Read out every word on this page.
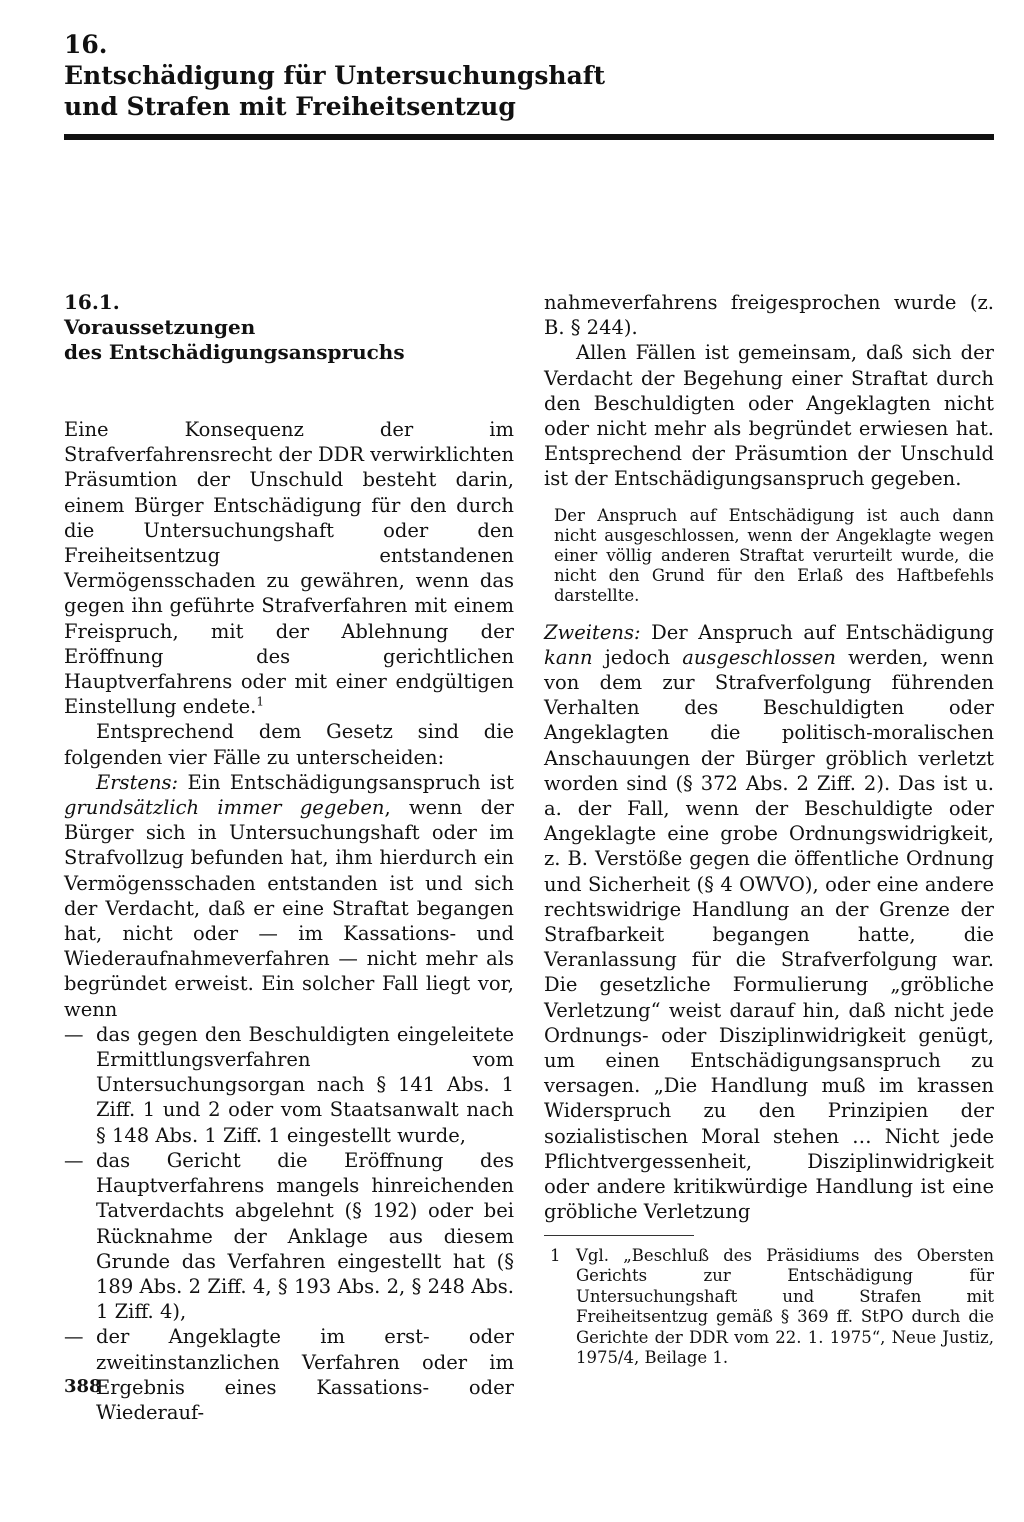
16.

Entschädigung für Untersuchungshaft

und Strafen mit Freiheitsentzug

16.1.
Voraussetzungen
des Entschädigungsanspruchs

Eine Konsequenz der im Strafverfahrensrecht der DDR verwirklichten Präsumtion der Unschuld besteht darin, einem Bürger Entschädigung für den durch die Untersuchungshaft oder den Freiheitsentzug entstandenen Vermögensschaden zu gewähren, wenn das gegen ihn geführte Strafverfahren mit einem Freispruch, mit der Ablehnung der Eröffnung des gerichtlichen Hauptverfahrens oder mit einer endgültigen Einstellung endete.$^1$

Entsprechend dem Gesetz sind die folgenden vier Fälle zu unterscheiden:

Erstens: Ein Entschädigungsanspruch ist grundsätzlich immer gegeben, wenn der Bürger sich in Untersuchungshaft oder im Strafvollzug befunden hat, ihm hierdurch ein Vermögensschaden entstanden ist und sich der Verdacht, daß er eine Straftat begangen hat, nicht oder — im Kassations- und Wiederaufnahmeverfahren — nicht mehr als begründet erweist. Ein solcher Fall liegt vor, wenn

— das gegen den Beschuldigten eingeleitete Ermittlungsverfahren vom Untersuchungsorgan nach § 141 Abs. 1 Ziff. 1 und 2 oder vom Staatsanwalt nach § 148 Abs. 1 Ziff. 1 eingestellt wurde,
— das Gericht die Eröffnung des Hauptverfahrens mangels hinreichenden Tatverdachts abgelehnt (§ 192) oder bei Rücknahme der Anklage aus diesem Grunde das Verfahren eingestellt hat (§ 189 Abs. 2 Ziff. 4, § 193 Abs. 2, § 248 Abs. 1 Ziff. 4),
— der Angeklagte im erst- oder zweitinstanzlichen Verfahren oder im Ergebnis eines Kassations- oder Wiederauf-

nahmeverfahrens freigesprochen wurde (z. B. § 244).

Allen Fällen ist gemeinsam, daß sich der Verdacht der Begehung einer Straftat durch den Beschuldigten oder Angeklagten nicht oder nicht mehr als begründet erwiesen hat. Entsprechend der Präsumtion der Unschuld ist der Entschädigungsanspruch gegeben.

Der Anspruch auf Entschädigung ist auch dann nicht ausgeschlossen, wenn der Angeklagte wegen einer völlig anderen Straftat verurteilt wurde, die nicht den Grund für den Erlaß des Haftbefehls darstellte.

Zweitens: Der Anspruch auf Entschädigung kann jedoch ausgeschlossen werden, wenn von dem zur Strafverfolgung führenden Verhalten des Beschuldigten oder Angeklagten die politisch-moralischen Anschauungen der Bürger gröblich verletzt worden sind (§ 372 Abs. 2 Ziff. 2). Das ist u. a. der Fall, wenn der Beschuldigte oder Angeklagte eine grobe Ordnungswidrigkeit, z. B. Verstöße gegen die öffentliche Ordnung und Sicherheit (§ 4 OWVO), oder eine andere rechtswidrige Handlung an der Grenze der Strafbarkeit begangen hatte, die Veranlassung für die Strafverfolgung war. Die gesetzliche Formulierung „gröbliche Verletzung“ weist darauf hin, daß nicht jede Ordnungs- oder Disziplinwidrigkeit genügt, um einen Entschädigungsanspruch zu versagen. „Die Handlung muß im krassen Widerspruch zu den Prinzipien der sozialistischen Moral stehen … Nicht jede Pflichtvergessenheit, Disziplinwidrigkeit oder andere kritikwürdige Handlung ist eine gröbliche Verletzung

1 Vgl. „Beschluß des Präsidiums des Obersten Gerichts zur Entschädigung für Untersuchungshaft und Strafen mit Freiheitsentzug gemäß § 369 ff. StPO durch die Gerichte der DDR vom 22. 1. 1975“, Neue Justiz, 1975/4, Beilage 1.
388
